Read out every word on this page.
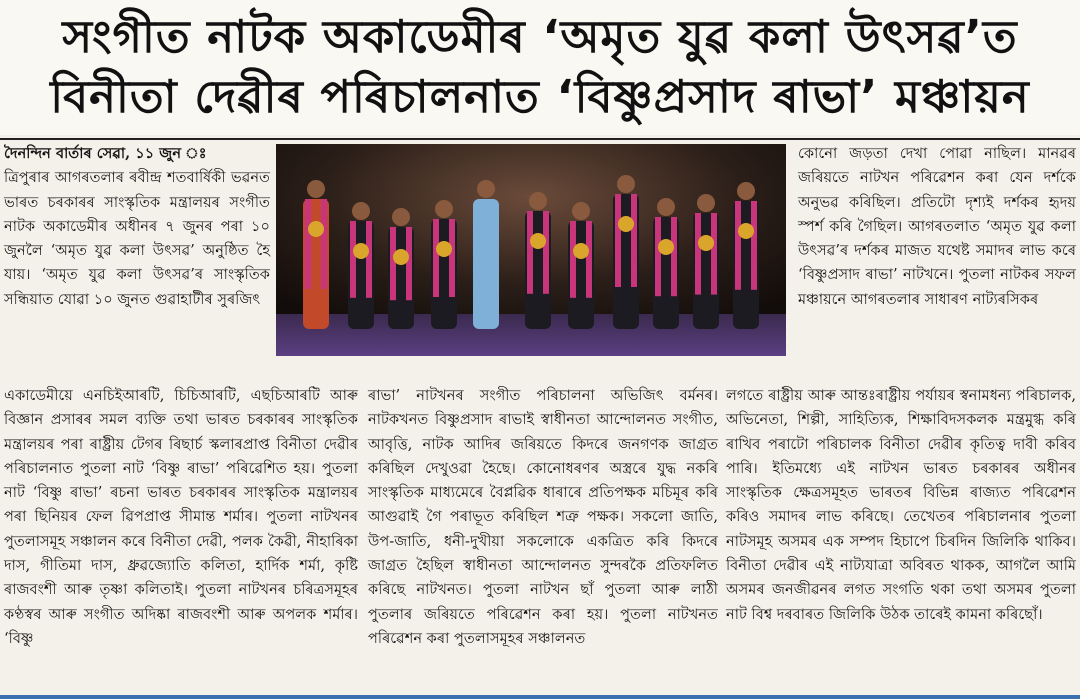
সংগীত নাটক অকাডেমীৰ ‘অমৃত যুৱ কলা উৎসৱ’ত
বিনীতা দেৱীৰ পৰিচালনাত ‘বিষ্ণুপ্ৰসাদ ৰাভা’ মঞ্চায়ন

দৈনন্দিন বাৰ্তাৰ সেৱা, ১১ জুন ঃ

ত্ৰিপুৰাৰ আগৰতলাৰ ৰবীন্দ্ৰ শতবাৰ্ষিকী ভৱনত ভাৰত চৰকাৰৰ সাংস্কৃতিক মন্ত্ৰালয়ৰ সংগীত নাটক অকাডেমীৰ অধীনৰ ৭ জুনৰ পৰা ১০ জুনলৈ ‘অমৃত যুৱ কলা উৎসৱ’ অনুষ্ঠিত হৈ যায়। ‘অমৃত যুৱ কলা উৎসৱ’ৰ সাংস্কৃতিক সন্ধিয়াত যোৱা ১০ জুনত গুৱাহাটীৰ সুৰজিৎ

একাডেমীয়ে এনচিইআৰটি, চিচিআৰটি, এছচিআৰটি আৰু বিজ্ঞান প্ৰসাৰৰ সমল ব্যক্তি তথা ভাৰত চৰকাৰৰ সাংস্কৃতিক মন্ত্ৰালয়ৰ পৰা ৰাষ্ট্ৰীয় টেগৰ ৰিছাৰ্চ স্কলাৰপ্ৰাপ্ত বিনীতা দেৱীৰ পৰিচালনাত পুতলা নাট ‘বিষ্ণু ৰাভা’ পৰিৱেশিত হয়। পুতলা নাট ‘বিষ্ণু ৰাভা’ ৰচনা ভাৰত চৰকাৰৰ সাংস্কৃতিক মন্ত্ৰালয়ৰ পৰা ছিনিয়ৰ ফেল ৱিপপ্ৰাপ্ত সীমান্ত শৰ্মাৰ। পুতলা নাটখনৰ পুতলাসমূহ সঞ্চালন কৰে বিনীতা দেৱী, পলক কৈৱী, নীহাৰিকা দাস, গীতিমা দাস, ধ্ৰুৱজ্যোতি কলিতা, হাৰ্দিক শৰ্মা, কৃষ্টি ৰাজবংশী আৰু তৃষ্ণা কলিতাই। পুতলা নাটখনৰ চৰিত্ৰসমূহৰ কণ্ঠস্বৰ আৰু সংগীত অদিষ্কা ৰাজবংশী আৰু অপলক শৰ্মাৰ। ‘বিষ্ণু

ৰাভা’ নাটখনৰ সংগীত পৰিচালনা অভিজিৎ বৰ্মনৰ। নাটকখনত বিষ্ণুপ্ৰসাদ ৰাভাই স্বাধীনতা আন্দোলনত সংগীত, আবৃত্তি, নাটক আদিৰ জৰিয়তে কিদৰে জনগণক জাগ্ৰত কৰিছিল দেখুওৱা হৈছে। কোনোধৰণৰ অস্ত্ৰৰে যুদ্ধ নকৰি সাংস্কৃতিক মাধ্যমেৰে বৈপ্লৱিক ধাৰাৰে প্ৰতিপক্ষক মচিমূৰ কৰি আগুৱাই গৈ পৰাভূত কৰিছিল শত্ৰু পক্ষক। সকলো জাতি, উপ-জাতি, ধনী-দুখীয়া সকলোকে একত্ৰিত কৰি কিদৰে জাগ্ৰত হৈছিল স্বাধীনতা আন্দোলনত সুন্দৰকৈ প্ৰতিফলিত কৰিছে নাটখনত। পুতলা নাটখন ছাঁ পুতলা আৰু লাঠী পুতলাৰ জৰিয়তে পৰিৱেশন কৰা হয়। পুতলা নাটখনত পৰিৱেশন কৰা পুতলাসমূহৰ সঞ্চালনত

কোনো জড়তা দেখা পোৱা নাছিল। মানৱৰ জৰিয়তে নাটখন পৰিৱেশন কৰা যেন দৰ্শকে অনুভৱ কৰিছিল। প্ৰতিটো দৃশ্যই দৰ্শকৰ হৃদয় স্পৰ্শ কৰি গৈছিল। আগৰতলাত ‘অমৃত যুৱ কলা উৎসৱ’ৰ দৰ্শকৰ মাজত যথেষ্ট সমাদৰ লাভ কৰে ‘বিষ্ণুপ্ৰসাদ ৰাভা’ নাটখনে। পুতলা নাটকৰ সফল মঞ্চায়নে আগৰতলাৰ সাধাৰণ নাট্যৰসিকৰ

লগতে ৰাষ্ট্ৰীয় আৰু আন্তঃৰাষ্ট্ৰীয় পৰ্যায়ৰ স্বনামধন্য পৰিচালক, অভিনেতা, শিল্পী, সাহিত্যিক, শিক্ষাবিদসকলক মন্ত্ৰমুগ্ধ কৰি ৰাখিব পৰাটো পৰিচালক বিনীতা দেৱীৰ কৃতিত্ব দাবী কৰিব পাৰি। ইতিমধ্যে এই নাটখন ভাৰত চৰকাৰৰ অধীনৰ সাংস্কৃতিক ক্ষেত্ৰসমূহত ভাৰতৰ বিভিন্ন ৰাজ্যত পৰিৱেশন কৰিও সমাদৰ লাভ কৰিছে। তেখেতৰ পৰিচালনাৰ পুতলা নাটসমূহ অসমৰ এক সম্পদ হিচাপে চিৰদিন জিলিকি থাকিব। বিনীতা দেৱীৰ এই নাট্যযাত্ৰা অবিৰত থাকক, আগলৈ আমি অসমৰ জনজীৱনৰ লগত সংগতি থকা তথা অসমৰ পুতলা নাট বিশ্ব দৰবাৰত জিলিকি উঠক তাৰেই কামনা কৰিছোঁ।
